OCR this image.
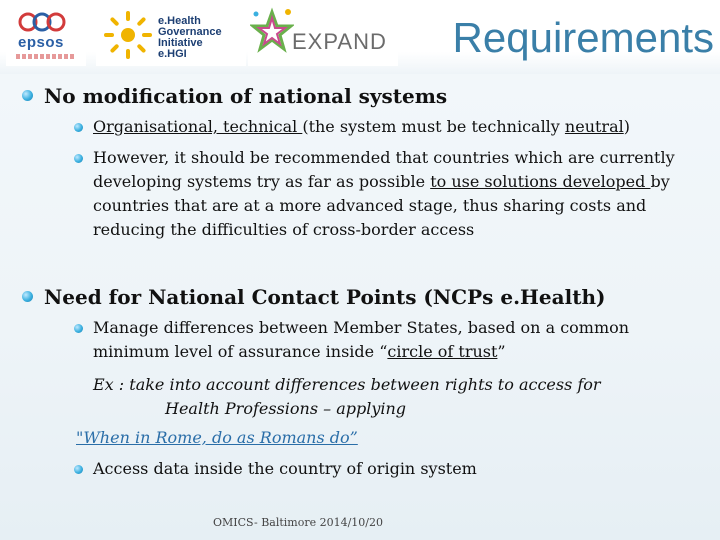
epsos
e.Health
Governance
Initiative
e.HGI	EXPAND Requirements
No modification of national systems
Organisational, technical (the system must be technically neutral)
However, it should be recommended that countries which are currently developing systems try as far as possible to use solutions developed by countries that are at a more advanced stage, thus sharing costs and reducing the difficulties of cross-border access
Need for National Contact Points (NCPs e.Health)
Manage differences between Member States, based on a common minimum level of assurance inside “circle of trust”
Ex : take into account differences between rights to access for
Health Professions – applying
"When in Rome, do as Romans do”
Access data inside the country of origin system
OMICS- Baltimore 2014/10/20
